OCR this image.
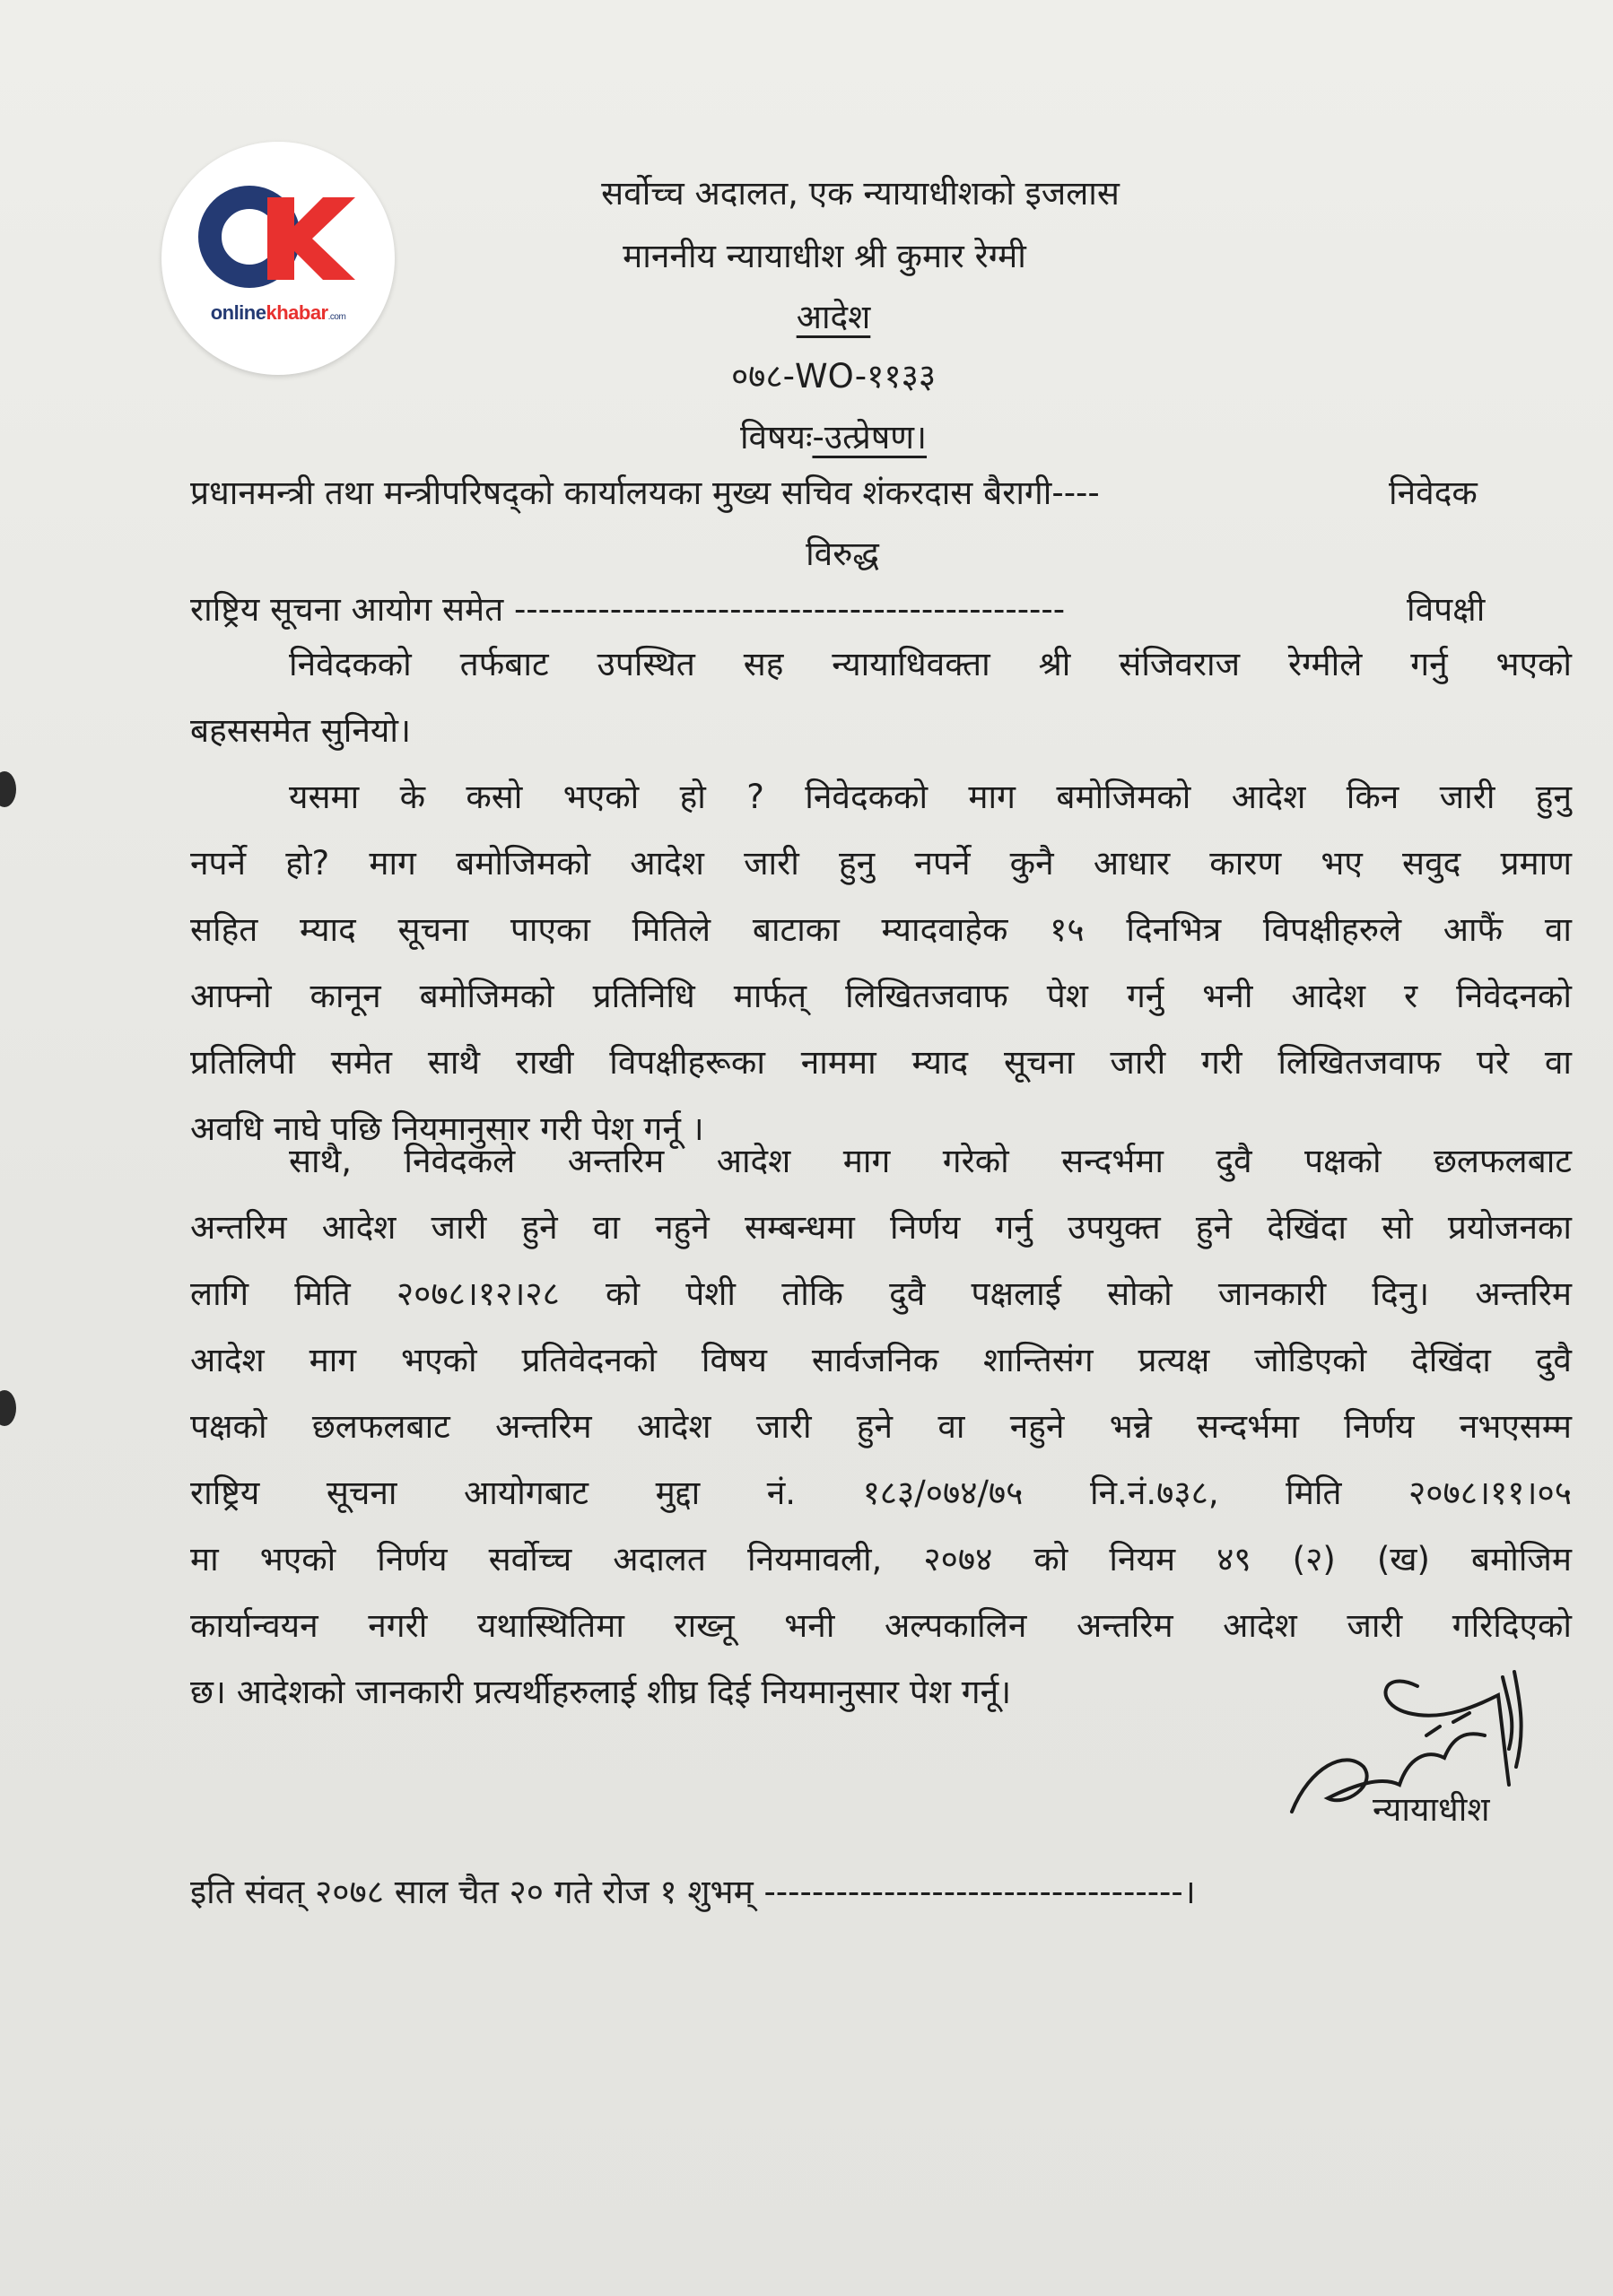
onlinekhabar.com
सर्वोच्च अदालत, एक न्यायाधीशको इजलास
माननीय न्यायाधीश श्री कुमार रेग्मी
आदेश
०७८-WO-११३३
विषयः-उत्प्रेषण।
प्रधानमन्त्री तथा मन्त्रीपरिषद्को कार्यालयका मुख्य सचिव शंकरदास बैरागी----	निवेदक
विरुद्ध
राष्ट्रिय सूचना आयोग समेत ----------------------------------------------	विपक्षी
निवेदकको तर्फबाट उपस्थित सह न्यायाधिवक्ता श्री संजिवराज रेग्मीले गर्नु भएको
बहससमेत सुनियो।
यसमा के कसो भएको हो ? निवेदकको माग बमोजिमको आदेश किन जारी हुनु
नपर्ने हो? माग बमोजिमको आदेश जारी हुनु नपर्ने कुनै आधार कारण भए सवुद प्रमाण
सहित म्याद सूचना पाएका मितिले बाटाका म्यादवाहेक १५ दिनभित्र विपक्षीहरुले आफैं वा
आफ्नो कानून बमोजिमको प्रतिनिधि मार्फत् लिखितजवाफ पेश गर्नु भनी आदेश र निवेदनको
प्रतिलिपी समेत साथै राखी विपक्षीहरूका नाममा म्याद सूचना जारी गरी लिखितजवाफ परे वा
अवधि नाघे पछि नियमानुसार गरी पेश गर्नू ।
साथै, निवेदकले अन्तरिम आदेश माग गरेको सन्दर्भमा दुवै पक्षको छलफलबाट
अन्तरिम आदेश जारी हुने वा नहुने सम्बन्धमा निर्णय गर्नु उपयुक्त हुने देखिंदा सो प्रयोजनका
लागि मिति २०७८।१२।२८ को पेशी तोकि दुवै पक्षलाई सोको जानकारी दिनु। अन्तरिम
आदेश माग भएको प्रतिवेदनको विषय सार्वजनिक शान्तिसंग प्रत्यक्ष जोडिएको देखिंदा दुवै
पक्षको छलफलबाट अन्तरिम आदेश जारी हुने वा नहुने भन्ने सन्दर्भमा निर्णय नभएसम्म
राष्ट्रिय सूचना आयोगबाट मुद्दा नं. १८३/०७४/७५ नि.नं.७३८, मिति २०७८।११।०५
मा भएको निर्णय सर्वोच्च अदालत नियमावली, २०७४ को नियम ४९ (२) (ख) बमोजिम
कार्यान्वयन नगरी यथास्थितिमा राख्नू भनी अल्पकालिन अन्तरिम आदेश जारी गरिदिएको
छ। आदेशको जानकारी प्रत्यर्थीहरुलाई शीघ्र दिई नियमानुसार पेश गर्नू।
न्यायाधीश
इति संवत् २०७८ साल चैत २० गते रोज १ शुभम् -----------------------------------।
